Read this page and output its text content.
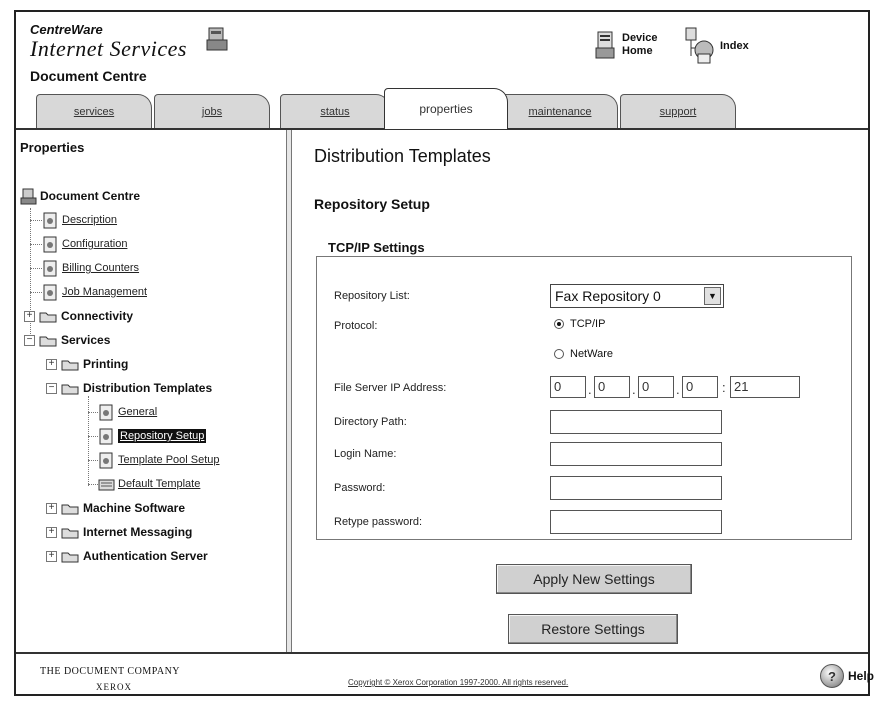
CentreWare
Internet Services
Document Centre
Device
Home	Index
services	jobs	status	properties	maintenance	support
Properties
Document Centre
Description
Configuration
Billing Counters
Job Management
+ Connectivity
− Services
+ Printing
− Distribution Templates
General
Repository Setup
Template Pool Setup
Default Template
+ Machine Software
+ Internet Messaging
+ Authentication Server
Distribution Templates
Repository Setup
TCP/IP Settings
Repository List:	Fax Repository 0	▼
Protocol:	TCP/IP
NetWare
File Server IP Address:	0	. 0	. 0	. 0	: 21
Directory Path:
Login Name:
Password:
Retype password:
Apply New Settings
Restore Settings
THE DOCUMENT COMPANY
XEROX	Copyright © Xerox Corporation 1997-2000. All rights reserved.	?	Help
